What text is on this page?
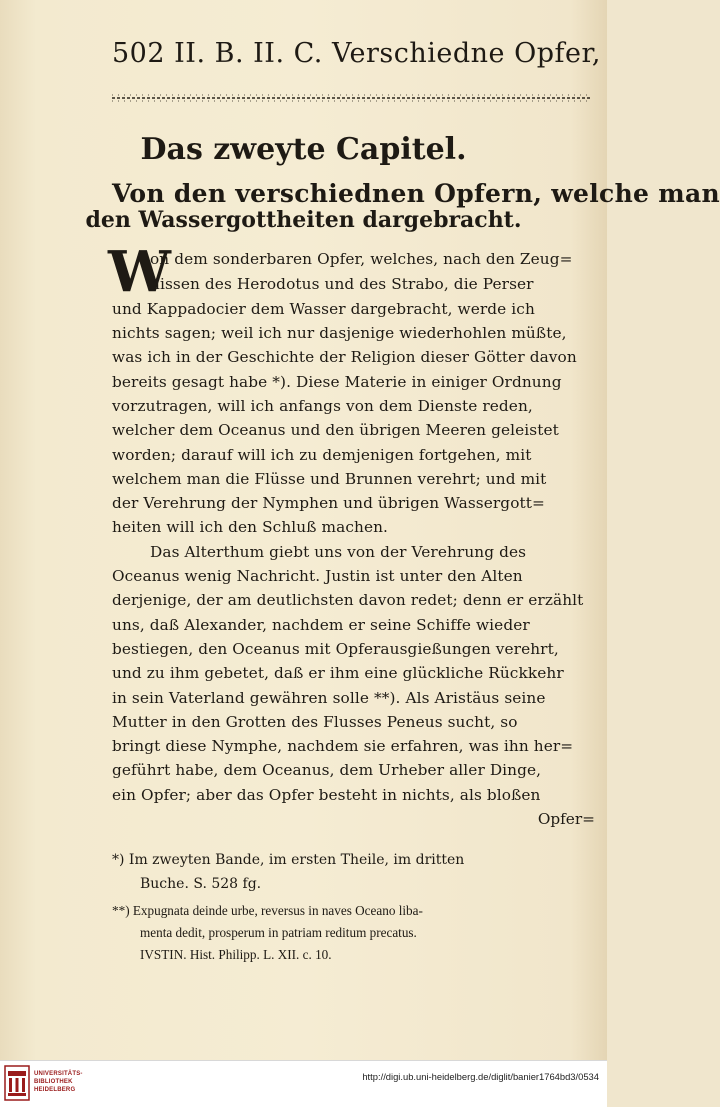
502 II. B. II. C. Verschiedne Opfer,
Das zweyte Capitel.
Von den verschiednen Opfern, welche man
den Wassergottheiten dargebracht.
W

on dem sonderbaren Opfer, welches, nach den Zeug=

nissen des Herodotus und des Strabo, die Perser

und Kappadocier dem Wasser dargebracht, werde ich

nichts sagen; weil ich nur dasjenige wiederhohlen müßte,

was ich in der Geschichte der Religion dieser Götter davon

bereits gesagt habe *). Diese Materie in einiger Ordnung

vorzutragen, will ich anfangs von dem Dienste reden,

welcher dem Oceanus und den übrigen Meeren geleistet

worden; darauf will ich zu demjenigen fortgehen, mit

welchem man die Flüsse und Brunnen verehrt; und mit

der Verehrung der Nymphen und übrigen Wassergott=

heiten will ich den Schluß machen.

Das Alterthum giebt uns von der Verehrung des

Oceanus wenig Nachricht. Justin ist unter den Alten

derjenige, der am deutlichsten davon redet; denn er erzählt

uns, daß Alexander, nachdem er seine Schiffe wieder

bestiegen, den Oceanus mit Opferausgießungen verehrt,

und zu ihm gebetet, daß er ihm eine glückliche Rückkehr

in sein Vaterland gewähren solle **). Als Aristäus seine

Mutter in den Grotten des Flusses Peneus sucht, so

bringt diese Nymphe, nachdem sie erfahren, was ihn her=

geführt habe, dem Oceanus, dem Urheber aller Dinge,

ein Opfer; aber das Opfer besteht in nichts, als bloßen

Opfer=

*) Im zweyten Bande, im ersten Theile, im dritten

Buche. S. 528 fg.

**) Expugnata deinde urbe, reversus in naves Oceano liba-

menta dedit, prosperum in patriam reditum precatus.

IVSTIN. Hist. Philipp. L. XII. c. 10.

UNIVERSITÄTS-
BIBLIOTHEK
HEIDELBERG
http://digi.ub.uni-heidelberg.de/diglit/banier1764bd3/0534
